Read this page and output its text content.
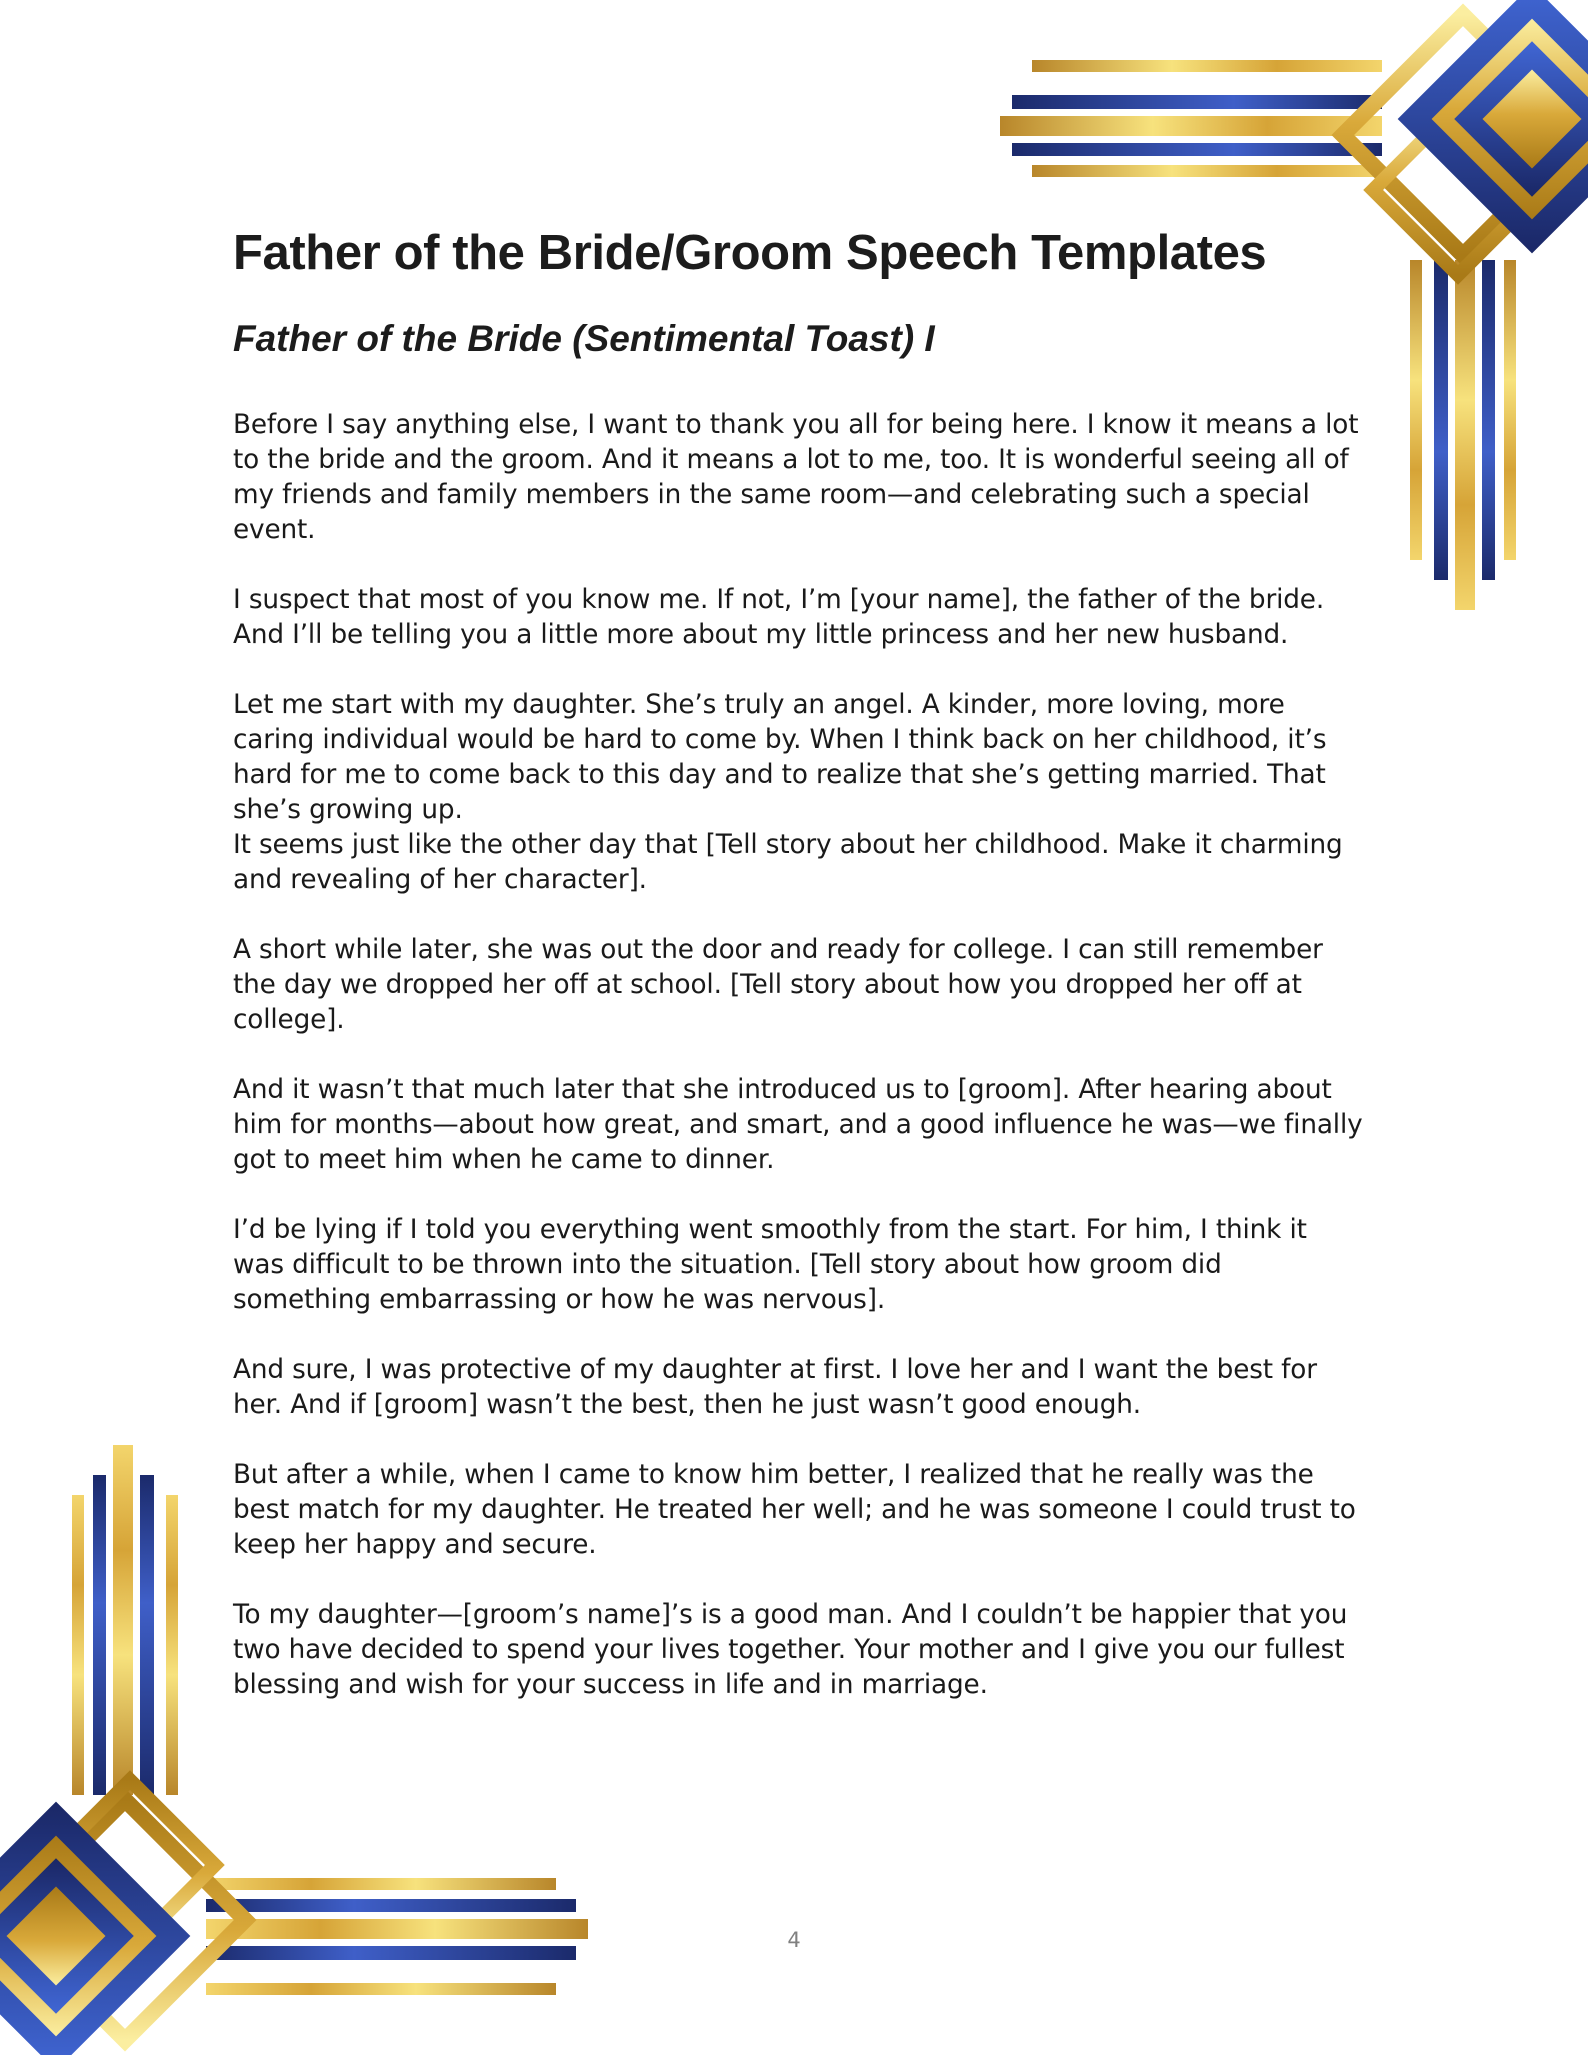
Father of the Bride/Groom Speech Templates
Father of the Bride (Sentimental Toast) I

Before I say anything else, I want to thank you all for being here. I know it means a lot to the bride and the groom. And it means a lot to me, too. It is wonderful seeing all of my friends and family members in the same room—and celebrating such a special event.

I suspect that most of you know me. If not, I’m [your name], the father of the bride. And I’ll be telling you a little more about my little princess and her new husband.

Let me start with my daughter. She’s truly an angel. A kinder, more loving, more caring individual would be hard to come by. When I think back on her childhood, it’s hard for me to come back to this day and to realize that she’s getting married. That she’s growing up.

It seems just like the other day that [Tell story about her childhood. Make it charming and revealing of her character].

A short while later, she was out the door and ready for college. I can still remember the day we dropped her off at school. [Tell story about how you dropped her off at college].

And it wasn’t that much later that she introduced us to [groom]. After hearing about him for months—about how great, and smart, and a good influence he was—we finally got to meet him when he came to dinner.

I’d be lying if I told you everything went smoothly from the start. For him, I think it was difficult to be thrown into the situation. [Tell story about how groom did something embarrassing or how he was nervous].

And sure, I was protective of my daughter at first. I love her and I want the best for her. And if [groom] wasn’t the best, then he just wasn’t good enough.

But after a while, when I came to know him better, I realized that he really was the best match for my daughter. He treated her well; and he was someone I could trust to keep her happy and secure.

To my daughter—[groom’s name]’s is a good man. And I couldn’t be happier that you two have decided to spend your lives together. Your mother and I give you our fullest blessing and wish for your success in life and in marriage.

4
